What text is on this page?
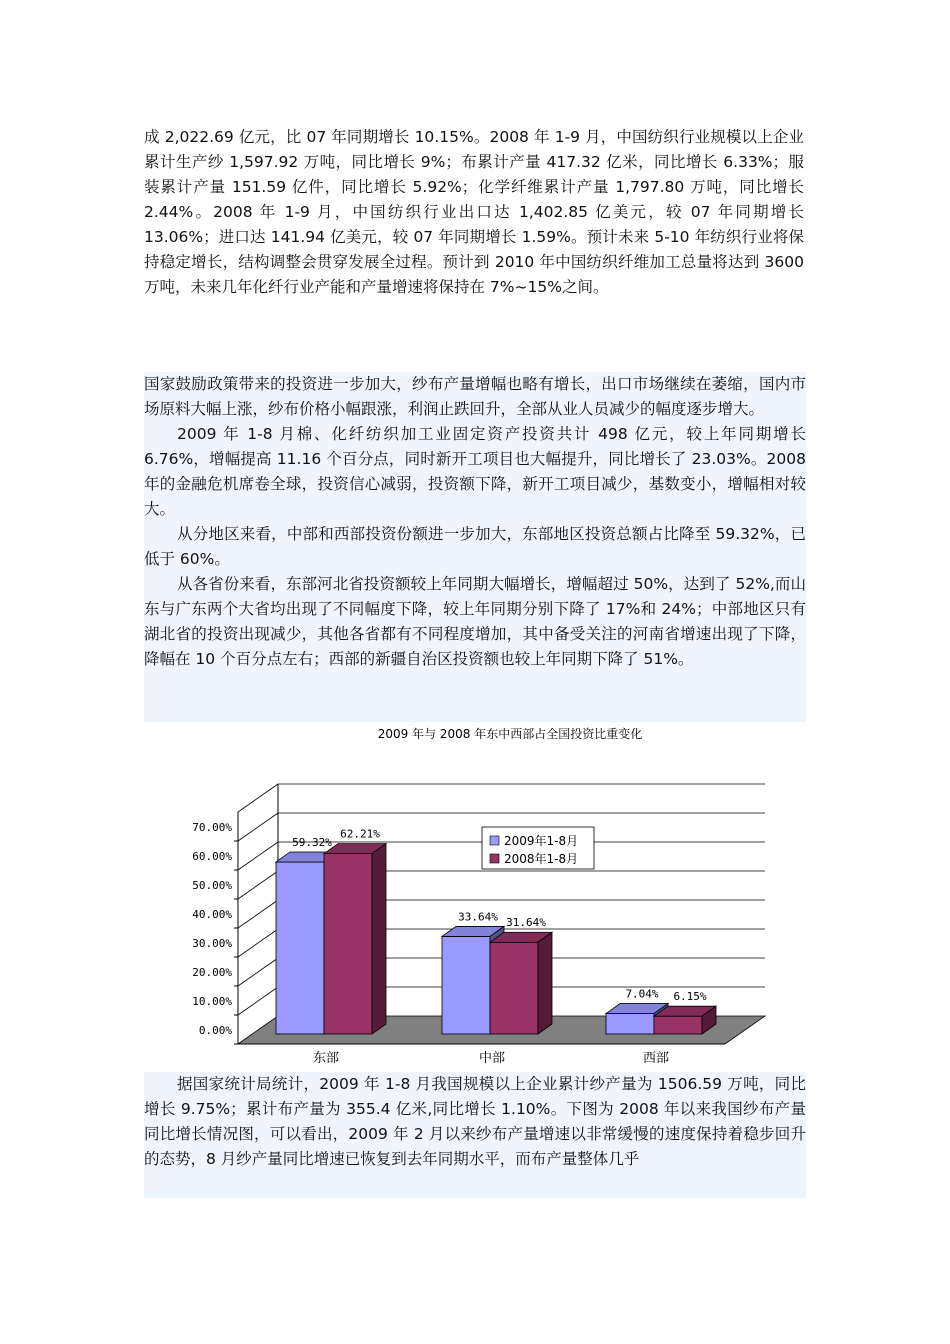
成 2,022.69 亿元，比 07 年同期增长 10.15%。2008 年 1-9 月，中国纺织行业规模以上企业累计生产纱 1,597.92 万吨，同比增长 9%；布累计产量 417.32 亿米，同比增长 6.33%；服装累计产量 151.59 亿件，同比增长 5.92%；化学纤维累计产量 1,797.80 万吨，同比增长 2.44%。2008 年 1-9 月，中国纺织行业出口达 1,402.85 亿美元，较 07 年同期增长 13.06%；进口达 141.94 亿美元，较 07 年同期增长 1.59%。预计未来 5-10 年纺织行业将保持稳定增长，结构调整会贯穿发展全过程。预计到 2010 年中国纺织纤维加工总量将达到 3600 万吨，未来几年化纤行业产能和产量增速将保持在 7%~15%之间。

国家鼓励政策带来的投资进一步加大，纱布产量增幅也略有增长，出口市场继续在萎缩，国内市场原料大幅上涨，纱布价格小幅跟涨，利润止跌回升，全部从业人员减少的幅度逐步增大。

2009 年 1-8 月棉、化纤纺织加工业固定资产投资共计 498 亿元，较上年同期增长 6.76%，增幅提高 11.16 个百分点，同时新开工项目也大幅提升，同比增长了 23.03%。2008 年的金融危机席卷全球，投资信心减弱，投资额下降，新开工项目减少，基数变小，增幅相对较大。

从分地区来看，中部和西部投资份额进一步加大，东部地区投资总额占比降至 59.32%，已低于 60%。

从各省份来看，东部河北省投资额较上年同期大幅增长，增幅超过 50%，达到了 52%,而山东与广东两个大省均出现了不同幅度下降，较上年同期分别下降了 17%和 24%；中部地区只有湖北省的投资出现减少，其他各省都有不同程度增加，其中备受关注的河南省增速出现了下降，降幅在 10 个百分点左右；西部的新疆自治区投资额也较上年同期下降了 51%。

2009 年与 2008 年东中西部占全国投资比重变化
0.00%
10.00%
20.00%
30.00%
40.00%
50.00%
60.00%
70.00%
59.32%
62.21%
33.64% 31.64%
7.04% 6.15%
东部	中部	西部
2009年1-8月
2008年1-8月

据国家统计局统计，2009 年 1-8 月我国规模以上企业累计纱产量为 1506.59 万吨，同比增长 9.75%；累计布产量为 355.4 亿米,同比增长 1.10%。下图为 2008 年以来我国纱布产量同比增长情况图，可以看出，2009 年 2 月以来纱布产量增速以非常缓慢的速度保持着稳步回升的态势，8 月纱产量同比增速已恢复到去年同期水平，而布产量整体几乎
